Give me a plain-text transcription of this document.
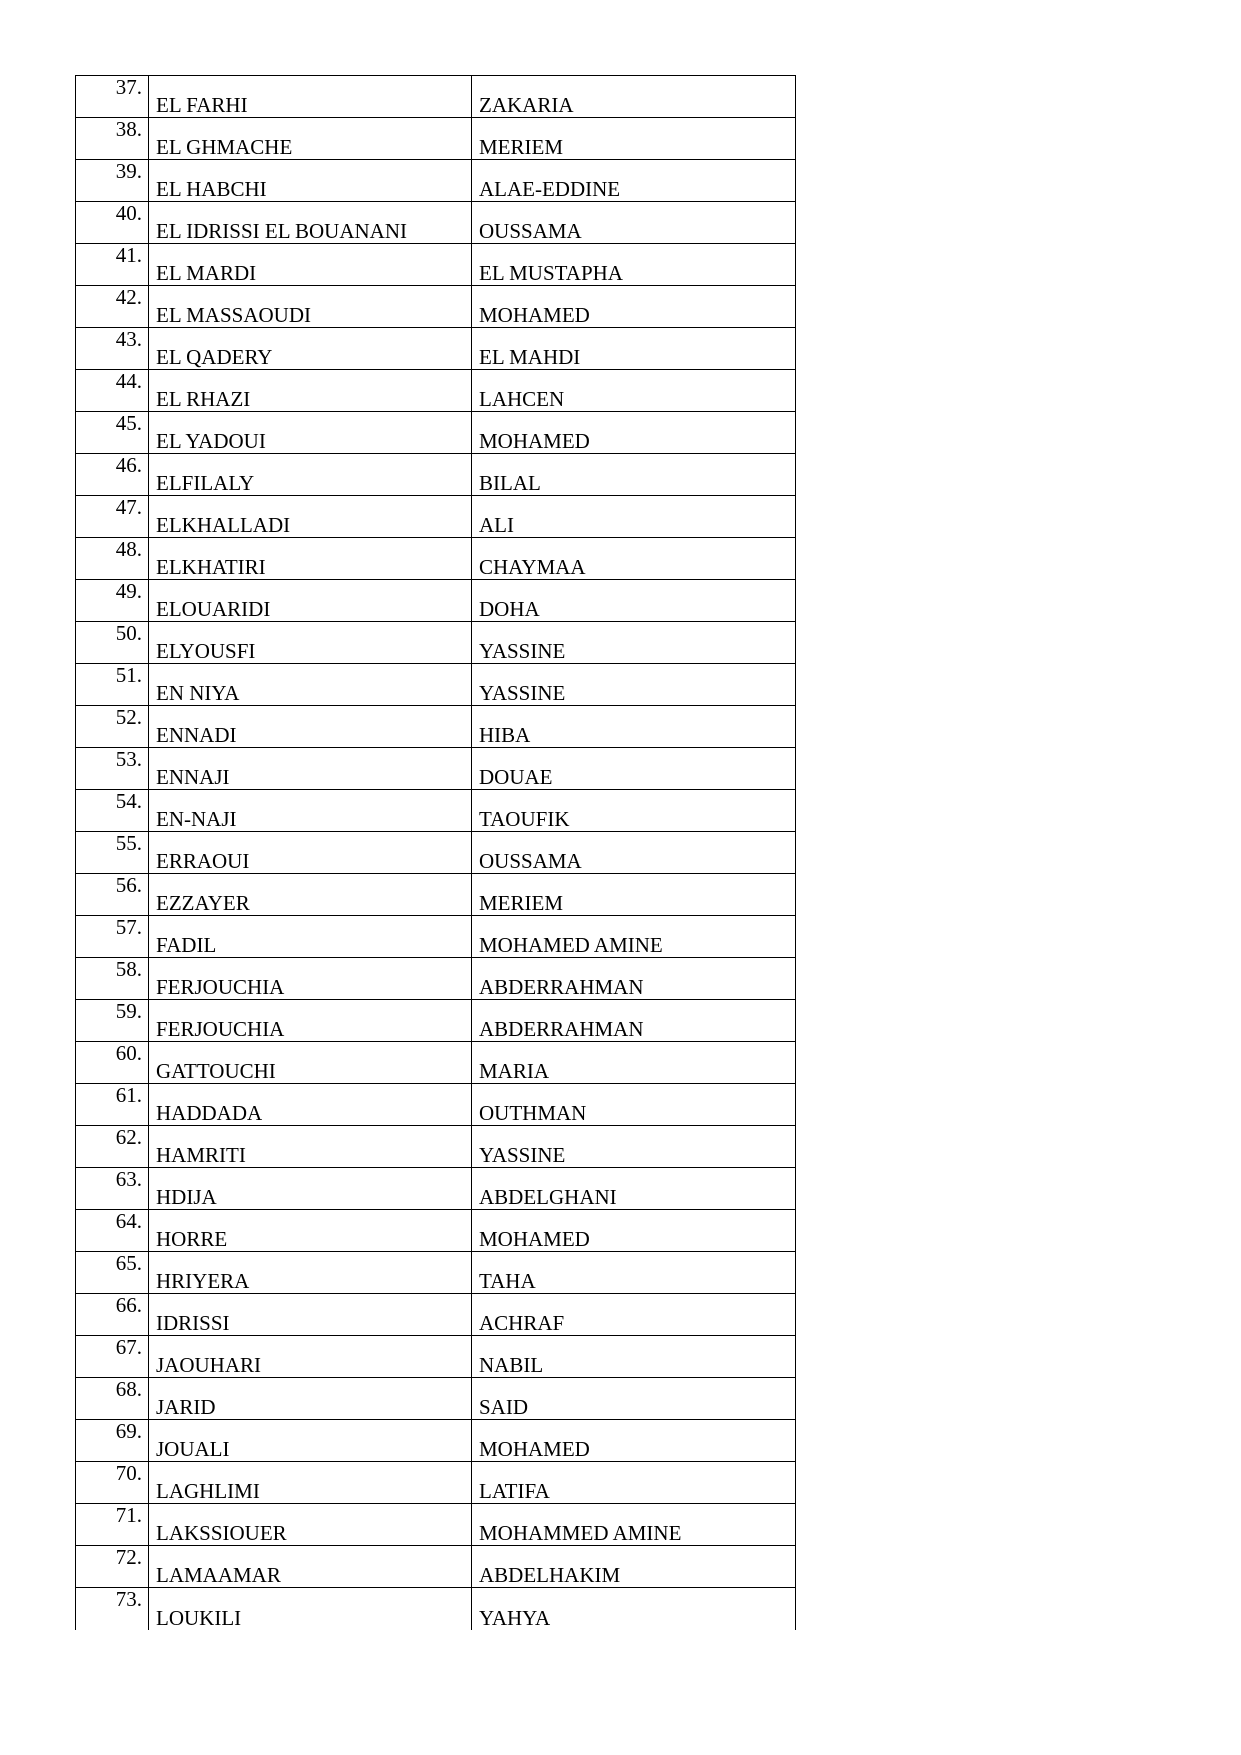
37.	EL FARHI	ZAKARIA
38.	EL GHMACHE	MERIEM
39.	EL HABCHI	ALAE-EDDINE
40.	EL IDRISSI EL BOUANANI	OUSSAMA
41.	EL MARDI	EL MUSTAPHA
42.	EL MASSAOUDI	MOHAMED
43.	EL QADERY	EL MAHDI
44.	EL RHAZI	LAHCEN
45.	EL YADOUI	MOHAMED
46.	ELFILALY	BILAL
47.	ELKHALLADI	ALI
48.	ELKHATIRI	CHAYMAA
49.	ELOUARIDI	DOHA
50.	ELYOUSFI	YASSINE
51.	EN NIYA	YASSINE
52.	ENNADI	HIBA
53.	ENNAJI	DOUAE
54.	EN-NAJI	TAOUFIK
55.	ERRAOUI	OUSSAMA
56.	EZZAYER	MERIEM
57.	FADIL	MOHAMED AMINE
58.	FERJOUCHIA	ABDERRAHMAN
59.	FERJOUCHIA	ABDERRAHMAN
60.	GATTOUCHI	MARIA
61.	HADDADA	OUTHMAN
62.	HAMRITI	YASSINE
63.	HDIJA	ABDELGHANI
64.	HORRE	MOHAMED
65.	HRIYERA	TAHA
66.	IDRISSI	ACHRAF
67.	JAOUHARI	NABIL
68.	JARID	SAID
69.	JOUALI	MOHAMED
70.	LAGHLIMI	LATIFA
71.	LAKSSIOUER	MOHAMMED AMINE
72.	LAMAAMAR	ABDELHAKIM
73.	LOUKILI	YAHYA
